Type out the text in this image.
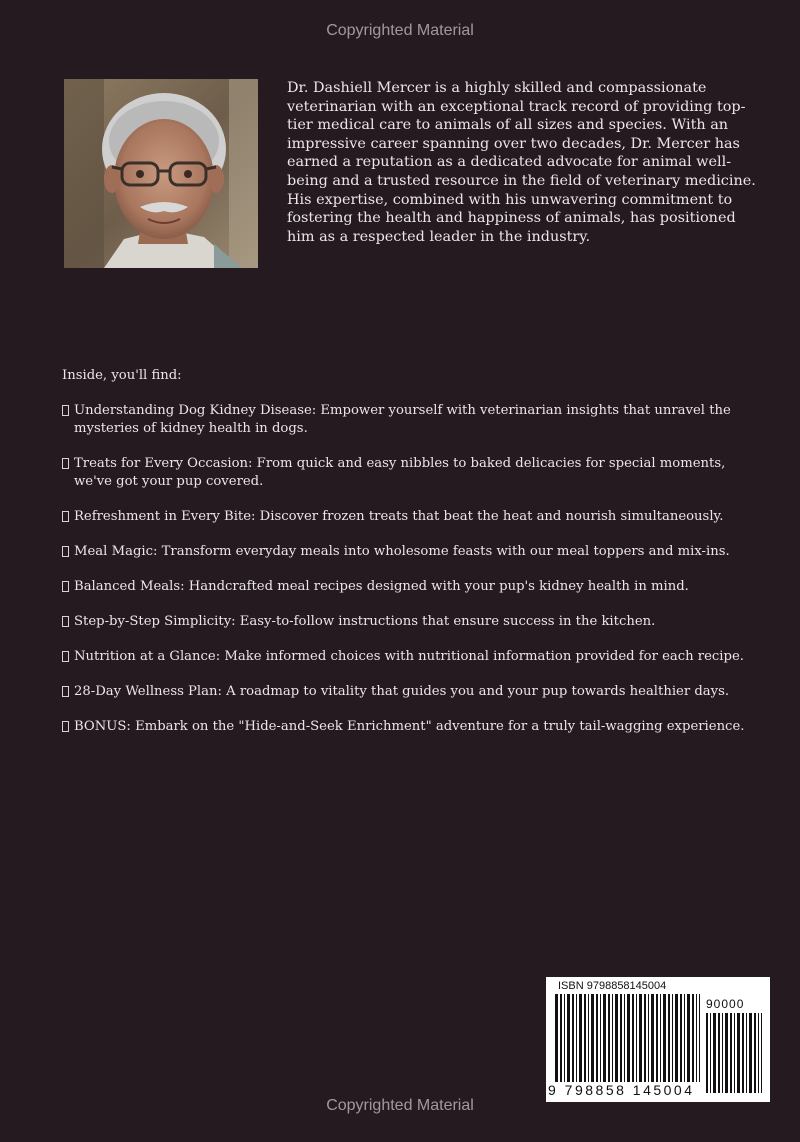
Copyrighted Material

Dr. Dashiell Mercer is a highly skilled and compassionate veterinarian with an exceptional track record of providing top-tier medical care to animals of all sizes and species. With an impressive career spanning over two decades, Dr. Mercer has earned a reputation as a dedicated advocate for animal well-being and a trusted resource in the field of veterinary medicine. His expertise, combined with his unwavering commitment to fostering the health and happiness of animals, has positioned him as a respected leader in the industry.

Inside, you'll find:

Understanding Dog Kidney Disease: Empower yourself with veterinarian insights that unravel the mysteries of kidney health in dogs.
Treats for Every Occasion: From quick and easy nibbles to baked delicacies for special moments, we've got your pup covered.
Refreshment in Every Bite: Discover frozen treats that beat the heat and nourish simultaneously.
Meal Magic: Transform everyday meals into wholesome feasts with our meal toppers and mix-ins.
Balanced Meals: Handcrafted meal recipes designed with your pup's kidney health in mind.
Step-by-Step Simplicity: Easy-to-follow instructions that ensure success in the kitchen.
Nutrition at a Glance: Make informed choices with nutritional information provided for each recipe.
28-Day Wellness Plan: A roadmap to vitality that guides you and your pup towards healthier days.
BONUS: Embark on the "Hide-and-Seek Enrichment" adventure for a truly tail-wagging experience.
ISBN 9798858145004
90000
9 798858 145004
Copyrighted Material
